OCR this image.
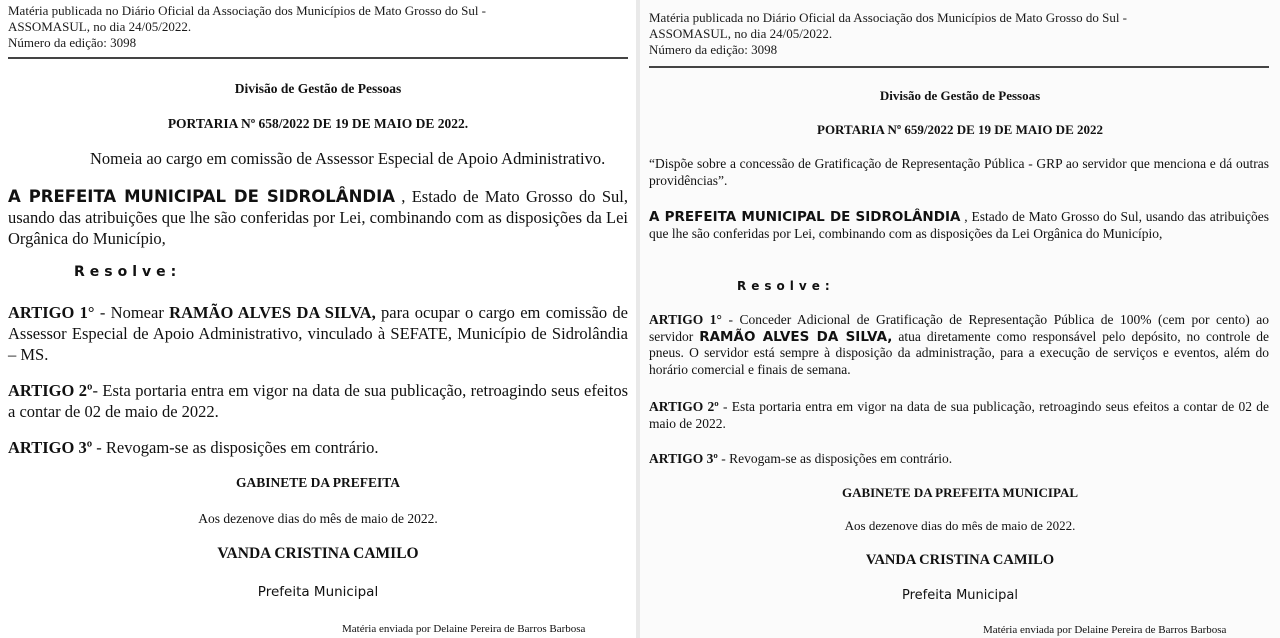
Matéria publicada no Diário Oficial da Associação dos Municípios de Mato Grosso do Sul -
ASSOMASUL, no dia 24/05/2022.
Número da edição: 3098
Divisão de Gestão de Pessoas
PORTARIA Nº 658/2022 DE 19 DE MAIO DE 2022.
Nomeia ao cargo em comissão de Assessor Especial de Apoio Administrativo.
A PREFEITA MUNICIPAL DE SIDROLÂNDIA , Estado de Mato Grosso do Sul, usando das atribuições que lhe são conferidas por Lei, combinando com as disposições da Lei Orgânica do Município,
Resolve:
ARTIGO 1° - Nomear RAMÃO ALVES DA SILVA, para ocupar o cargo em comissão de Assessor Especial de Apoio Administrativo, vinculado à SEFATE, Município de Sidrolândia – MS.
ARTIGO 2º- Esta portaria entra em vigor na data de sua publicação, retroagindo seus efeitos a contar de 02 de maio de 2022.
ARTIGO 3º - Revogam-se as disposições em contrário.
GABINETE DA PREFEITA
Aos dezenove dias do mês de maio de 2022.
VANDA CRISTINA CAMILO
Prefeita Municipal
Matéria enviada por Delaine Pereira de Barros Barbosa
Matéria publicada no Diário Oficial da Associação dos Municípios de Mato Grosso do Sul -
ASSOMASUL, no dia 24/05/2022.
Número da edição: 3098
Divisão de Gestão de Pessoas
PORTARIA Nº 659/2022 DE 19 DE MAIO DE 2022
“Dispõe sobre a concessão de Gratificação de Representação Pública - GRP ao servidor que menciona e dá outras providências”.
A PREFEITA MUNICIPAL DE SIDROLÂNDIA , Estado de Mato Grosso do Sul, usando das atribuições que lhe são conferidas por Lei, combinando com as disposições da Lei Orgânica do Município,
Resolve:
ARTIGO 1° - Conceder Adicional de Gratificação de Representação Pública de 100% (cem por cento) ao servidor RAMÃO ALVES DA SILVA, atua diretamente como responsável pelo depósito, no controle de pneus. O servidor está sempre à disposição da administração, para a execução de serviços e eventos, além do horário comercial e finais de semana.
ARTIGO 2º - Esta portaria entra em vigor na data de sua publicação, retroagindo seus efeitos a contar de 02 de maio de 2022.
ARTIGO 3º - Revogam-se as disposições em contrário.
GABINETE DA PREFEITA MUNICIPAL
Aos dezenove dias do mês de maio de 2022.
VANDA CRISTINA CAMILO
Prefeita Municipal
Matéria enviada por Delaine Pereira de Barros Barbosa
